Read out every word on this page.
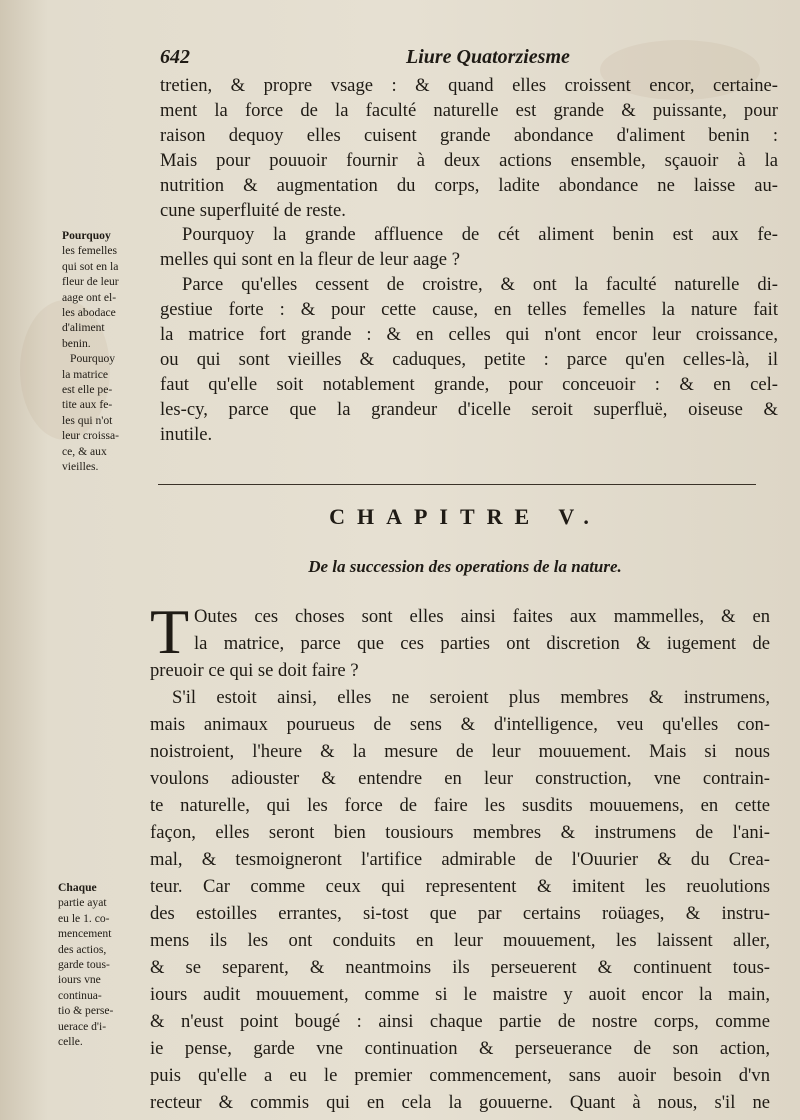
642	Liure Quatorziesme
tretien, & propre vsage : & quand elles croissent encor, certaine-
ment la force de la faculté naturelle est grande & puissante, pour
raison dequoy elles cuisent grande abondance d'aliment benin :
Mais pour pouuoir fournir à deux actions ensemble, sçauoir à la
nutrition & augmentation du corps, ladite abondance ne laisse au-
cune superfluité de reste.
Pourquoy la grande affluence de cét aliment benin est aux fe-
melles qui sont en la fleur de leur aage ?
Parce qu'elles cessent de croistre, & ont la faculté naturelle di-
gestiue forte : & pour cette cause, en telles femelles la nature fait
la matrice fort grande : & en celles qui n'ont encor leur croissance,
ou qui sont vieilles & caduques, petite : parce qu'en celles-là, il
faut qu'elle soit notablement grande, pour conceuoir : & en cel-
les-cy, parce que la grandeur d'icelle seroit superfluë, oiseuse &
inutile.
Pourquoy
les femelles
qui sot en la
fleur de leur
aage ont el-
les abodace
d'aliment
benin.
Pourquoy
la matrice
est elle pe-
tite aux fe-
les qui n'ot
leur croissa-
ce, & aux
vieilles.
CHAPITRE V.
De la succession des operations de la nature.
T Outes ces choses sont elles ainsi faites aux mammelles, & en
la matrice, parce que ces parties ont discretion & iugement de
preuoir ce qui se doit faire ?
S'il estoit ainsi, elles ne seroient plus membres & instrumens,
mais animaux pourueus de sens & d'intelligence, veu qu'elles con-
noistroient, l'heure & la mesure de leur mouuement. Mais si nous
voulons adiouster & entendre en leur construction, vne contrain-
te naturelle, qui les force de faire les susdits mouuemens, en cette
façon, elles seront bien tousiours membres & instrumens de l'ani-
mal, & tesmoigneront l'artifice admirable de l'Ouurier & du Crea-
teur. Car comme ceux qui representent & imitent les reuolutions
des estoilles errantes, si-tost que par certains roüages, & instru-
mens ils les ont conduits en leur mouuement, les laissent aller,
& se separent, & neantmoins ils perseuerent & continuent tous-
iours audit mouuement, comme si le maistre y auoit encor la main,
& n'eust point bougé : ainsi chaque partie de nostre corps, comme
ie pense, garde vne continuation & perseuerance de son action,
puis qu'elle a eu le premier commencement, sans auoir besoin d'vn
recteur & commis qui en cela la gouuerne. Quant à nous, s'il ne
Chaque
partie ayat
eu le 1. co-
mencement
des actios,
garde tous-
iours vne
continua-
tio & perse-
uerace d'i-
celle.
